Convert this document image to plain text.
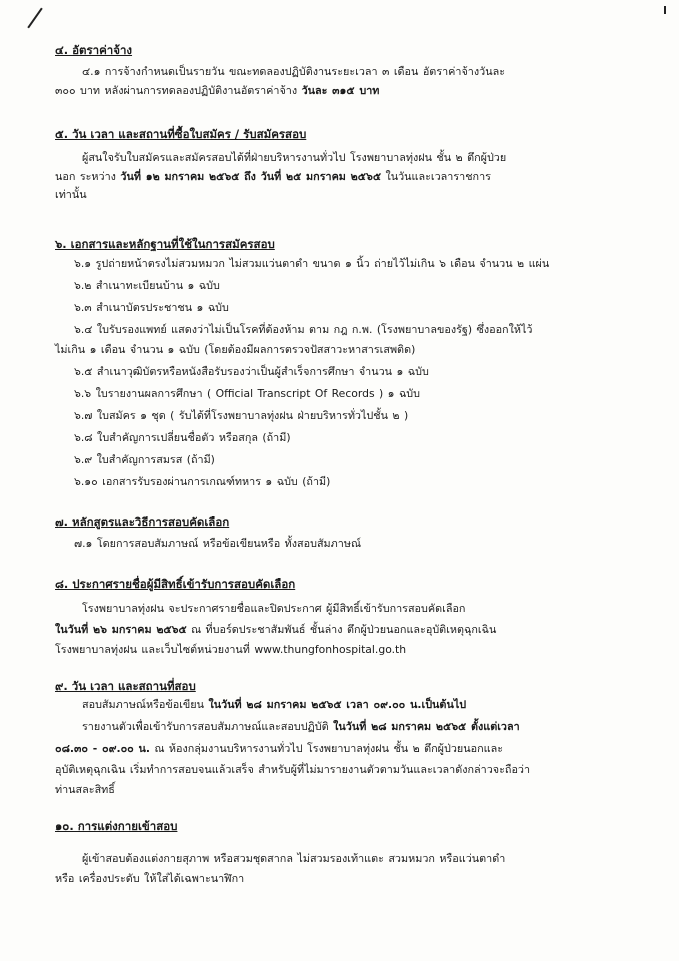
๔. อัตราค่าจ้าง
๔.๑ การจ้างกำหนดเป็นรายวัน ขณะทดลองปฏิบัติงานระยะเวลา ๓ เดือน อัตราค่าจ้างวันละ
๓๐๐ บาท หลังผ่านการทดลองปฏิบัติงานอัตราค่าจ้าง วันละ ๓๑๕ บาท
๕. วัน เวลา และสถานที่ซื้อใบสมัคร / รับสมัครสอบ
ผู้สนใจรับใบสมัครและสมัครสอบได้ที่ฝ่ายบริหารงานทั่วไป โรงพยาบาลทุ่งฝน ชั้น ๒ ตึกผู้ป่วย
นอก ระหว่าง วันที่ ๑๒ มกราคม ๒๕๖๕ ถึง วันที่ ๒๕ มกราคม ๒๕๖๕ ในวันและเวลาราชการ
เท่านั้น
๖. เอกสารและหลักฐานที่ใช้ในการสมัครสอบ
๖.๑ รูปถ่ายหน้าตรงไม่สวมหมวก ไม่สวมแว่นตาดำ ขนาด ๑ นิ้ว ถ่ายไว้ไม่เกิน ๖ เดือน จำนวน ๒ แผ่น
๖.๒ สำเนาทะเบียนบ้าน ๑ ฉบับ
๖.๓ สำเนาบัตรประชาชน ๑ ฉบับ
๖.๔ ใบรับรองแพทย์ แสดงว่าไม่เป็นโรคที่ต้องห้าม ตาม กฎ ก.พ. (โรงพยาบาลของรัฐ) ซึ่งออกให้ไว้
ไม่เกิน ๑ เดือน จำนวน ๑ ฉบับ (โดยต้องมีผลการตรวจปัสสาวะหาสารเสพติด)
๖.๕ สำเนาวุฒิบัตรหรือหนังสือรับรองว่าเป็นผู้สำเร็จการศึกษา จำนวน ๑ ฉบับ
๖.๖ ใบรายงานผลการศึกษา ( Official Transcript Of Records ) ๑ ฉบับ
๖.๗ ใบสมัคร ๑ ชุด ( รับได้ที่โรงพยาบาลทุ่งฝน ฝ่ายบริหารทั่วไปชั้น ๒ )
๖.๘ ใบสำคัญการเปลี่ยนชื่อตัว หรือสกุล (ถ้ามี)
๖.๙ ใบสำคัญการสมรส (ถ้ามี)
๖.๑๐ เอกสารรับรองผ่านการเกณฑ์ทหาร ๑ ฉบับ (ถ้ามี)
๗. หลักสูตรและวิธีการสอบคัดเลือก
๗.๑ โดยการสอบสัมภาษณ์ หรือข้อเขียนหรือ ทั้งสอบสัมภาษณ์
๘. ประกาศรายชื่อผู้มีสิทธิ์เข้ารับการสอบคัดเลือก
โรงพยาบาลทุ่งฝน จะประกาศรายชื่อและปิดประกาศ ผู้มีสิทธิ์เข้ารับการสอบคัดเลือก
ในวันที่ ๒๖ มกราคม ๒๕๖๕ ณ ที่บอร์ดประชาสัมพันธ์ ชั้นล่าง ตึกผู้ป่วยนอกและอุบัติเหตุฉุกเฉิน
โรงพยาบาลทุ่งฝน และเว็บไซต์หน่วยงานที่ www.thungfonhospital.go.th
๙. วัน เวลา และสถานที่สอบ
สอบสัมภาษณ์หรือข้อเขียน ในวันที่ ๒๘ มกราคม ๒๕๖๕ เวลา ๐๙.๐๐ น.เป็นต้นไป
รายงานตัวเพื่อเข้ารับการสอบสัมภาษณ์และสอบปฏิบัติ ในวันที่ ๒๘ มกราคม ๒๕๖๕ ตั้งแต่เวลา
๐๘.๓๐ - ๐๙.๐๐ น. ณ ห้องกลุ่มงานบริหารงานทั่วไป โรงพยาบาลทุ่งฝน ชั้น ๒ ตึกผู้ป่วยนอกและ
อุบัติเหตุฉุกเฉิน เริ่มทำการสอบจนแล้วเสร็จ สำหรับผู้ที่ไม่มารายงานตัวตามวันและเวลาดังกล่าวจะถือว่า
ท่านสละสิทธิ์
๑๐. การแต่งกายเข้าสอบ
ผู้เข้าสอบต้องแต่งกายสุภาพ หรือสวมชุดสากล ไม่สวมรองเท้าแตะ สวมหมวก หรือแว่นตาดำ
หรือ เครื่องประดับ ให้ใส่ได้เฉพาะนาฬิกา
